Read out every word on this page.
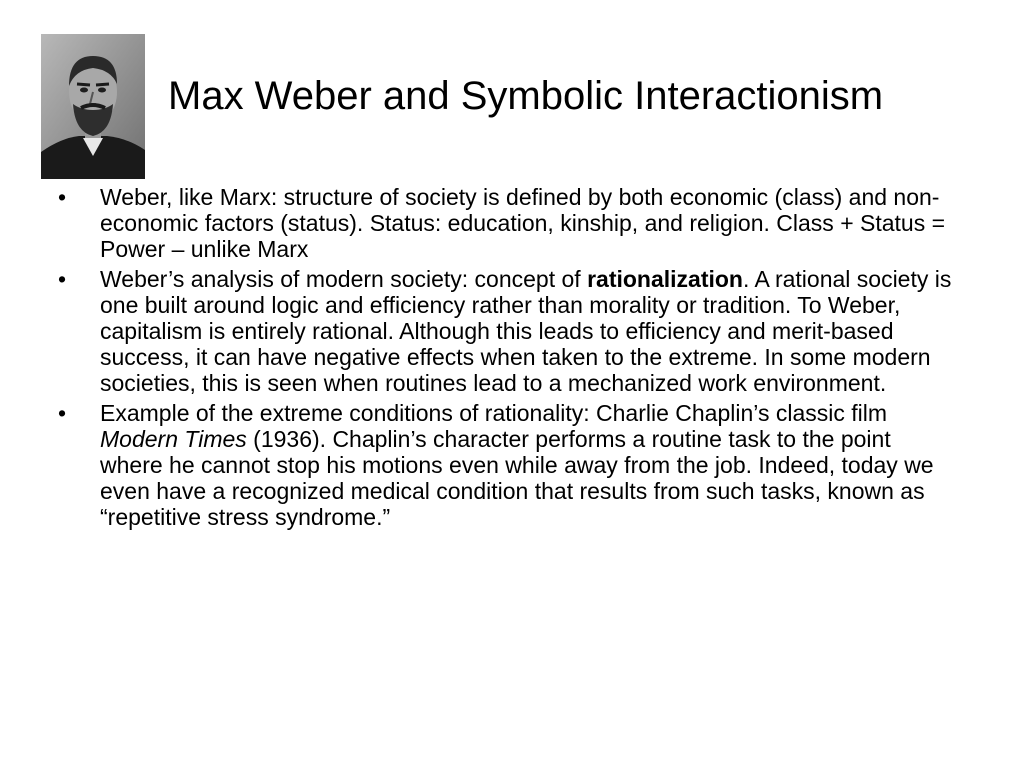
Max Weber and Symbolic Interactionism
•	Weber, like Marx: structure of society is defined by both economic (class) and non-economic factors (status). Status: education, kinship, and religion. Class + Status = Power – unlike Marx
•	Weber’s analysis of modern society: concept of rationalization. A rational society is one built around logic and efficiency rather than morality or tradition. To Weber, capitalism is entirely rational. Although this leads to efficiency and merit-based success, it can have negative effects when taken to the extreme. In some modern societies, this is seen when routines lead to a mechanized work environment.
•	Example of the extreme conditions of rationality: Charlie Chaplin’s classic film Modern Times (1936). Chaplin’s character performs a routine task to the point where he cannot stop his motions even while away from the job. Indeed, today we even have a recognized medical condition that results from such tasks, known as “repetitive stress syndrome.”
